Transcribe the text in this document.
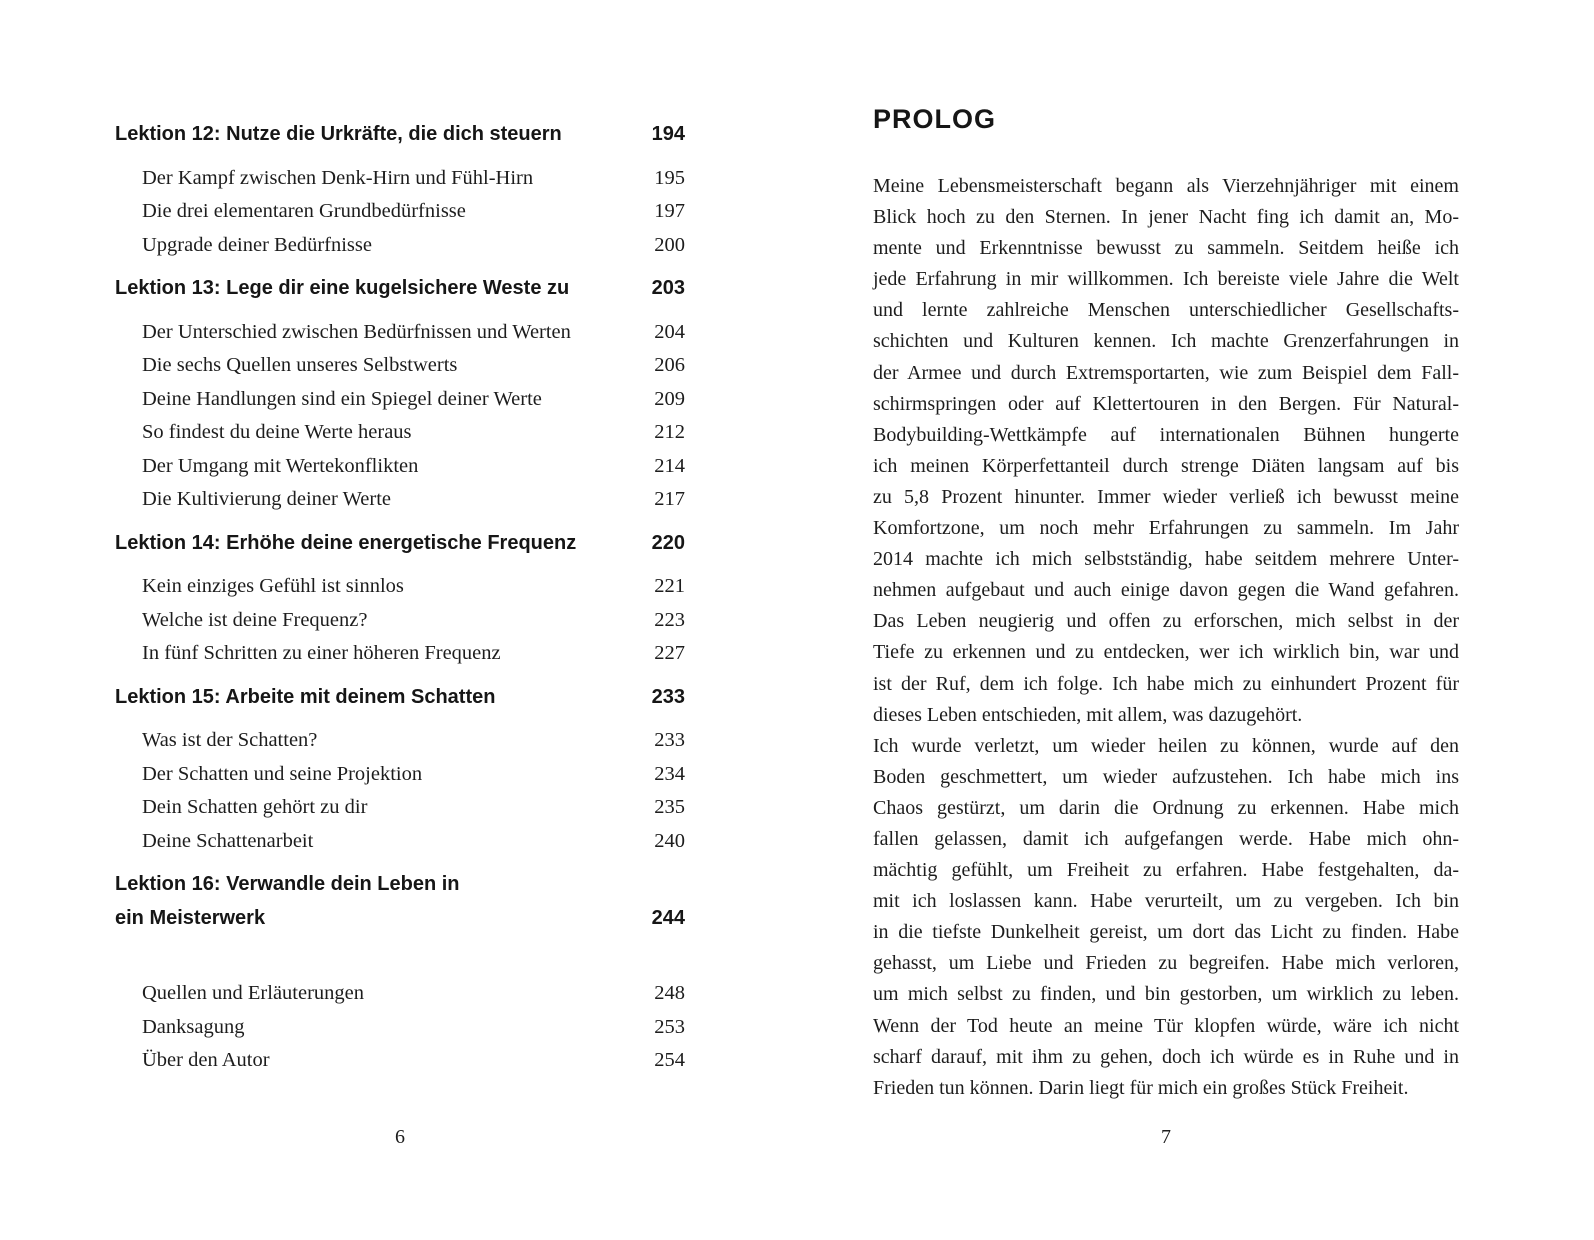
Lektion 12: Nutze die Urkräfte, die dich steuern	194
Der Kampf zwischen Denk-Hirn und Fühl-Hirn	195
Die drei elementaren Grundbedürfnisse	197
Upgrade deiner Bedürfnisse	200
Lektion 13: Lege dir eine kugelsichere Weste zu	203
Der Unterschied zwischen Bedürfnissen und Werten	204
Die sechs Quellen unseres Selbstwerts	206
Deine Handlungen sind ein Spiegel deiner Werte	209
So findest du deine Werte heraus	212
Der Umgang mit Wertekonflikten	214
Die Kultivierung deiner Werte	217
Lektion 14: Erhöhe deine energetische Frequenz	220
Kein einziges Gefühl ist sinnlos	221
Welche ist deine Frequenz?	223
In fünf Schritten zu einer höheren Frequenz	227
Lektion 15: Arbeite mit deinem Schatten	233
Was ist der Schatten?	233
Der Schatten und seine Projektion	234
Dein Schatten gehört zu dir	235
Deine Schattenarbeit	240
Lektion 16: Verwandle dein Leben in
ein Meisterwerk	244
Quellen und Erläuterungen	248
Danksagung	253
Über den Autor	254
6
PROLOG
Meine Lebensmeisterschaft begann als Vierzehnjähriger mit einem
Blick hoch zu den Sternen. In jener Nacht fing ich damit an, Mo-
mente und Erkenntnisse bewusst zu sammeln. Seitdem heiße ich
jede Erfahrung in mir willkommen. Ich bereiste viele Jahre die Welt
und lernte zahlreiche Menschen unterschiedlicher Gesellschafts-
schichten und Kulturen kennen. Ich machte Grenzerfahrungen in
der Armee und durch Extremsportarten, wie zum Beispiel dem Fall-
schirmspringen oder auf Klettertouren in den Bergen. Für Natural-
Bodybuilding-Wettkämpfe auf internationalen Bühnen hungerte
ich meinen Körperfettanteil durch strenge Diäten langsam auf bis
zu 5,8 Prozent hinunter. Immer wieder verließ ich bewusst meine
Komfortzone, um noch mehr Erfahrungen zu sammeln. Im Jahr
2014 machte ich mich selbstständig, habe seitdem mehrere Unter-
nehmen aufgebaut und auch einige davon gegen die Wand gefahren.
Das Leben neugierig und offen zu erforschen, mich selbst in der
Tiefe zu erkennen und zu entdecken, wer ich wirklich bin, war und
ist der Ruf, dem ich folge. Ich habe mich zu einhundert Prozent für
dieses Leben entschieden, mit allem, was dazugehört.
Ich wurde verletzt, um wieder heilen zu können, wurde auf den
Boden geschmettert, um wieder aufzustehen. Ich habe mich ins
Chaos gestürzt, um darin die Ordnung zu erkennen. Habe mich
fallen gelassen, damit ich aufgefangen werde. Habe mich ohn-
mächtig gefühlt, um Freiheit zu erfahren. Habe festgehalten, da-
mit ich loslassen kann. Habe verurteilt, um zu vergeben. Ich bin
in die tiefste Dunkelheit gereist, um dort das Licht zu finden. Habe
gehasst, um Liebe und Frieden zu begreifen. Habe mich verloren,
um mich selbst zu finden, und bin gestorben, um wirklich zu leben.
Wenn der Tod heute an meine Tür klopfen würde, wäre ich nicht
scharf darauf, mit ihm zu gehen, doch ich würde es in Ruhe und in
Frieden tun können. Darin liegt für mich ein großes Stück Freiheit.
7
